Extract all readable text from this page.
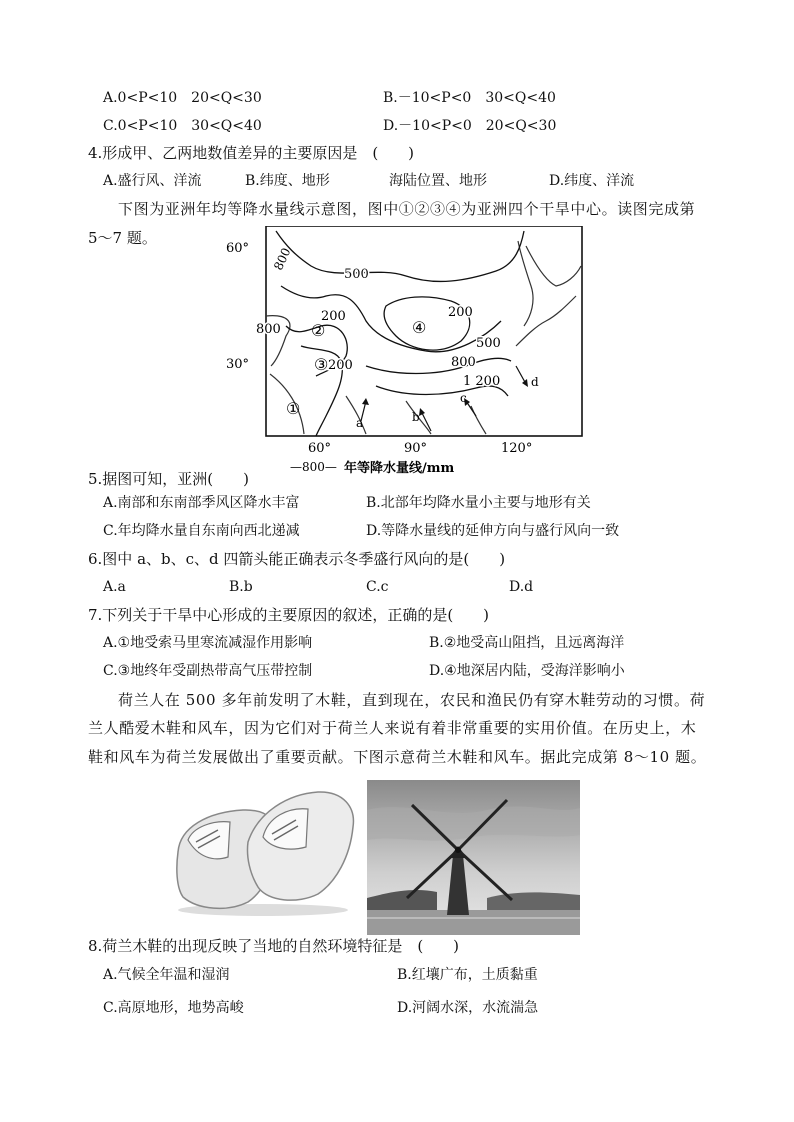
A.0<P<10　20<Q<30	B.－10<P<0　30<Q<40
C.0<P<10　30<Q<40	D.－10<P<0　20<Q<30
4.形成甲、乙两地数值差异的主要原因是　(　　)
A.盛行风、洋流	B.纬度、地形	海陆位置、地形	D.纬度、洋流
下图为亚洲年均等降水量线示意图，图中①②③④为亚洲四个干旱中心。读图完成第
5～7 题。
60°
30°
60°	90°	120°
800
500
200
800
200
200
500
800
1 200
②	④
③
①
a	b
c
d
—800— 年等降水量线/mm
5.据图可知，亚洲(　　)
A.南部和东南部季风区降水丰富	B.北部年均降水量小主要与地形有关
C.年均降水量自东南向西北递减	D.等降水量线的延伸方向与盛行风向一致
6.图中 a、b、c、d 四箭头能正确表示冬季盛行风向的是(　　)
A.a	B.b	C.c	D.d
7.下列关于干旱中心形成的主要原因的叙述，正确的是(　　)
A.①地受索马里寒流减湿作用影响	B.②地受高山阻挡，且远离海洋
C.③地终年受副热带高气压带控制	D.④地深居内陆，受海洋影响小
荷兰人在 500 多年前发明了木鞋，直到现在，农民和渔民仍有穿木鞋劳动的习惯。荷
兰人酷爱木鞋和风车，因为它们对于荷兰人来说有着非常重要的实用价值。在历史上，木
鞋和风车为荷兰发展做出了重要贡献。下图示意荷兰木鞋和风车。据此完成第 8～10 题。
8.荷兰木鞋的出现反映了当地的自然环境特征是　(　　)
A.气候全年温和湿润	B.红壤广布，土质黏重
C.高原地形，地势高峻	D.河阔水深，水流湍急
